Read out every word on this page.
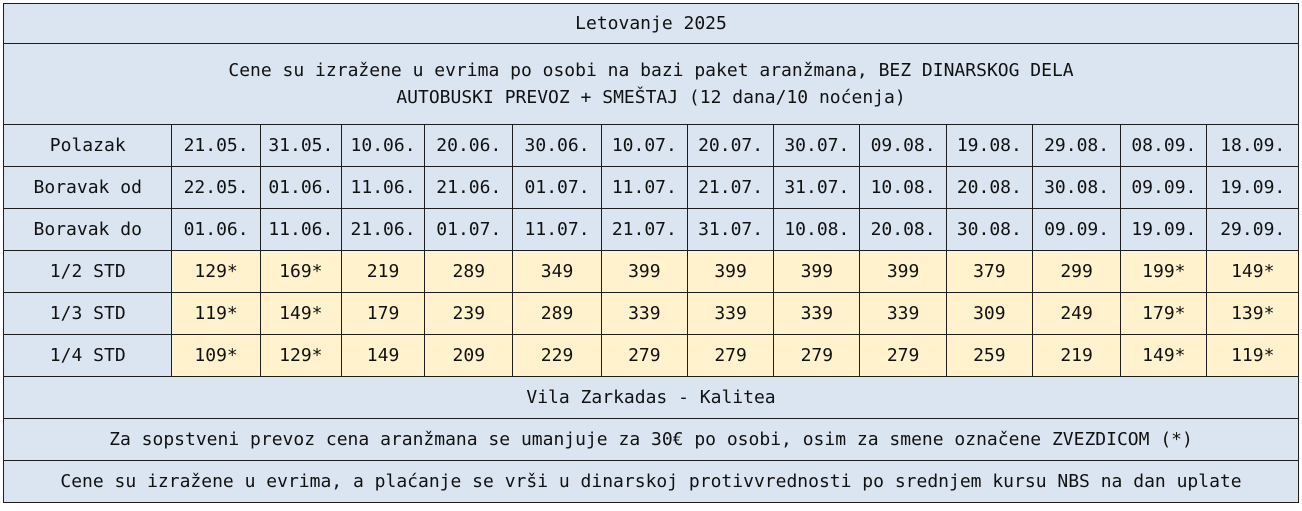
Letovanje 2025													

Cene su izražene u evrima po osobi na bazi paket aranžmana, BEZ DINARSKOG DELA
AUTOBUSKI PREVOZ + SMEŠTAJ (12 dana/10 noćenja)													

Polazak	21.05.	31.05.	10.06.	20.06.	30.06.	10.07.	20.07.	30.07.	09.08.	19.08.	29.08.	08.09.	18.09.
Boravak od	22.05.	01.06.	11.06.	21.06.	01.07.	11.07.	21.07.	31.07.	10.08.	20.08.	30.08.	09.09.	19.09.
Boravak do	01.06.	11.06.	21.06.	01.07.	11.07.	21.07.	31.07.	10.08.	20.08.	30.08.	09.09.	19.09.	29.09.
1/2 STD	129*	169*	219	289	349	399	399	399	399	379	299	199*	149*
1/3 STD	119*	149*	179	239	289	339	339	339	339	309	249	179*	139*
1/4 STD	109*	129*	149	209	229	279	279	279	279	259	219	149*	119*
Vila Zarkadas - Kalitea													
Za sopstveni prevoz cena aranžmana se umanjuje za 30€ po osobi, osim za smene označene ZVEZDICOM (*)													
Cene su izražene u evrima, a plaćanje se vrši u dinarskoj protivvrednosti po srednjem kursu NBS na dan uplate													
